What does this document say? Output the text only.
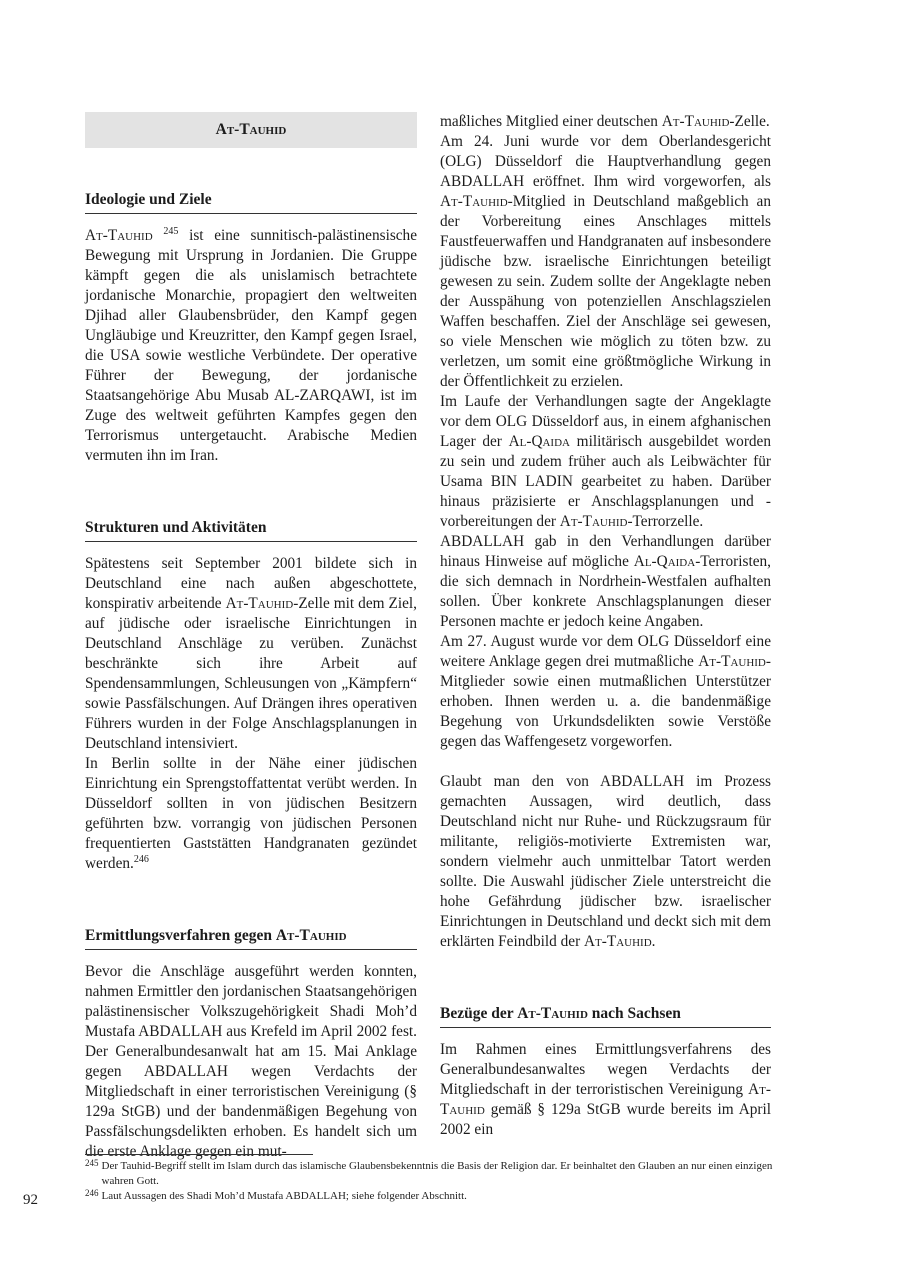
At-Tauhid
Ideologie und Ziele

At-Tauhid $^{245}$ ist eine sunnitisch-palästinensische Bewegung mit Ursprung in Jordanien. Die Gruppe kämpft gegen die als unislamisch betrachtete jordanische Monarchie, propagiert den weltweiten Djihad aller Glaubensbrüder, den Kampf gegen Ungläubige und Kreuzritter, den Kampf gegen Israel, die USA sowie westliche Verbündete. Der operative Führer der Bewegung, der jordanische Staatsangehörige Abu Musab AL-ZARQAWI, ist im Zuge des weltweit geführten Kampfes gegen den Terrorismus untergetaucht. Arabische Medien vermuten ihn im Iran.

Strukturen und Aktivitäten

Spätestens seit September 2001 bildete sich in Deutschland eine nach außen abgeschottete, konspirativ arbeitende At-Tauhid-Zelle mit dem Ziel, auf jüdische oder israelische Einrichtungen in Deutschland Anschläge zu verüben. Zunächst beschränkte sich ihre Arbeit auf Spendensammlungen, Schleusungen von „Kämpfern“ sowie Passfälschungen. Auf Drängen ihres operativen Führers wurden in der Folge Anschlagsplanungen in Deutschland intensiviert.

In Berlin sollte in der Nähe einer jüdischen Einrichtung ein Sprengstoffattentat verübt werden. In Düsseldorf sollten in von jüdischen Besitzern geführten bzw. vorrangig von jüdischen Personen frequentierten Gaststätten Handgranaten gezündet werden.$^{246}$

Ermittlungsverfahren gegen At-Tauhid

Bevor die Anschläge ausgeführt werden konnten, nahmen Ermittler den jordanischen Staatsangehörigen palästinensischer Volkszugehörigkeit Shadi Moh’d Mustafa ABDALLAH aus Krefeld im April 2002 fest. Der Generalbundesanwalt hat am 15. Mai Anklage gegen ABDALLAH wegen Verdachts der Mitgliedschaft in einer terroristischen Vereinigung (§ 129a StGB) und der bandenmäßigen Begehung von Passfälschungsdelikten erhoben. Es handelt sich um die erste Anklage gegen ein mut-

maßliches Mitglied einer deutschen At-Tauhid-Zelle.

Am 24. Juni wurde vor dem Oberlandesgericht (OLG) Düsseldorf die Hauptverhandlung gegen ABDALLAH eröffnet. Ihm wird vorgeworfen, als At-Tauhid-Mitglied in Deutschland maßgeblich an der Vorbereitung eines Anschlages mittels Faustfeuerwaffen und Handgranaten auf insbesondere jüdische bzw. israelische Einrichtungen beteiligt gewesen zu sein. Zudem sollte der Angeklagte neben der Ausspähung von potenziellen Anschlagszielen Waffen beschaffen. Ziel der Anschläge sei gewesen, so viele Menschen wie möglich zu töten bzw. zu verletzen, um somit eine größtmögliche Wirkung in der Öffentlichkeit zu erzielen.

Im Laufe der Verhandlungen sagte der Angeklagte vor dem OLG Düsseldorf aus, in einem afghanischen Lager der Al-Qaida militärisch ausgebildet worden zu sein und zudem früher auch als Leibwächter für Usama BIN LADIN gearbeitet zu haben. Darüber hinaus präzisierte er Anschlagsplanungen und -vorbereitungen der At-Tauhid-Terrorzelle.

ABDALLAH gab in den Verhandlungen darüber hinaus Hinweise auf mögliche Al-Qaida-Terroristen, die sich demnach in Nordrhein-Westfalen aufhalten sollen. Über konkrete Anschlagsplanungen dieser Personen machte er jedoch keine Angaben.

Am 27. August wurde vor dem OLG Düsseldorf eine weitere Anklage gegen drei mutmaßliche At-Tauhid-Mitglieder sowie einen mutmaßlichen Unterstützer erhoben. Ihnen werden u. a. die bandenmäßige Begehung von Urkundsdelikten sowie Verstöße gegen das Waffengesetz vorgeworfen.

Glaubt man den von ABDALLAH im Prozess gemachten Aussagen, wird deutlich, dass Deutschland nicht nur Ruhe- und Rückzugsraum für militante, religiös-motivierte Extremisten war, sondern vielmehr auch unmittelbar Tatort werden sollte. Die Auswahl jüdischer Ziele unterstreicht die hohe Gefährdung jüdischer bzw. israelischer Einrichtungen in Deutschland und deckt sich mit dem erklärten Feindbild der At-Tauhid.

Bezüge der At-Tauhid nach Sachsen

Im Rahmen eines Ermittlungsverfahrens des Generalbundesanwaltes wegen Verdachts der Mitgliedschaft in der terroristischen Vereinigung At-Tauhid gemäß § 129a StGB wurde bereits im April 2002 ein

245 Der Tauhid-Begriff stellt im Islam durch das islamische Glaubensbekenntnis die Basis der Religion dar. Er beinhaltet den Glauben an nur einen einzigen wahren Gott.
246 Laut Aussagen des Shadi Moh’d Mustafa ABDALLAH; siehe folgender Abschnitt.
92
